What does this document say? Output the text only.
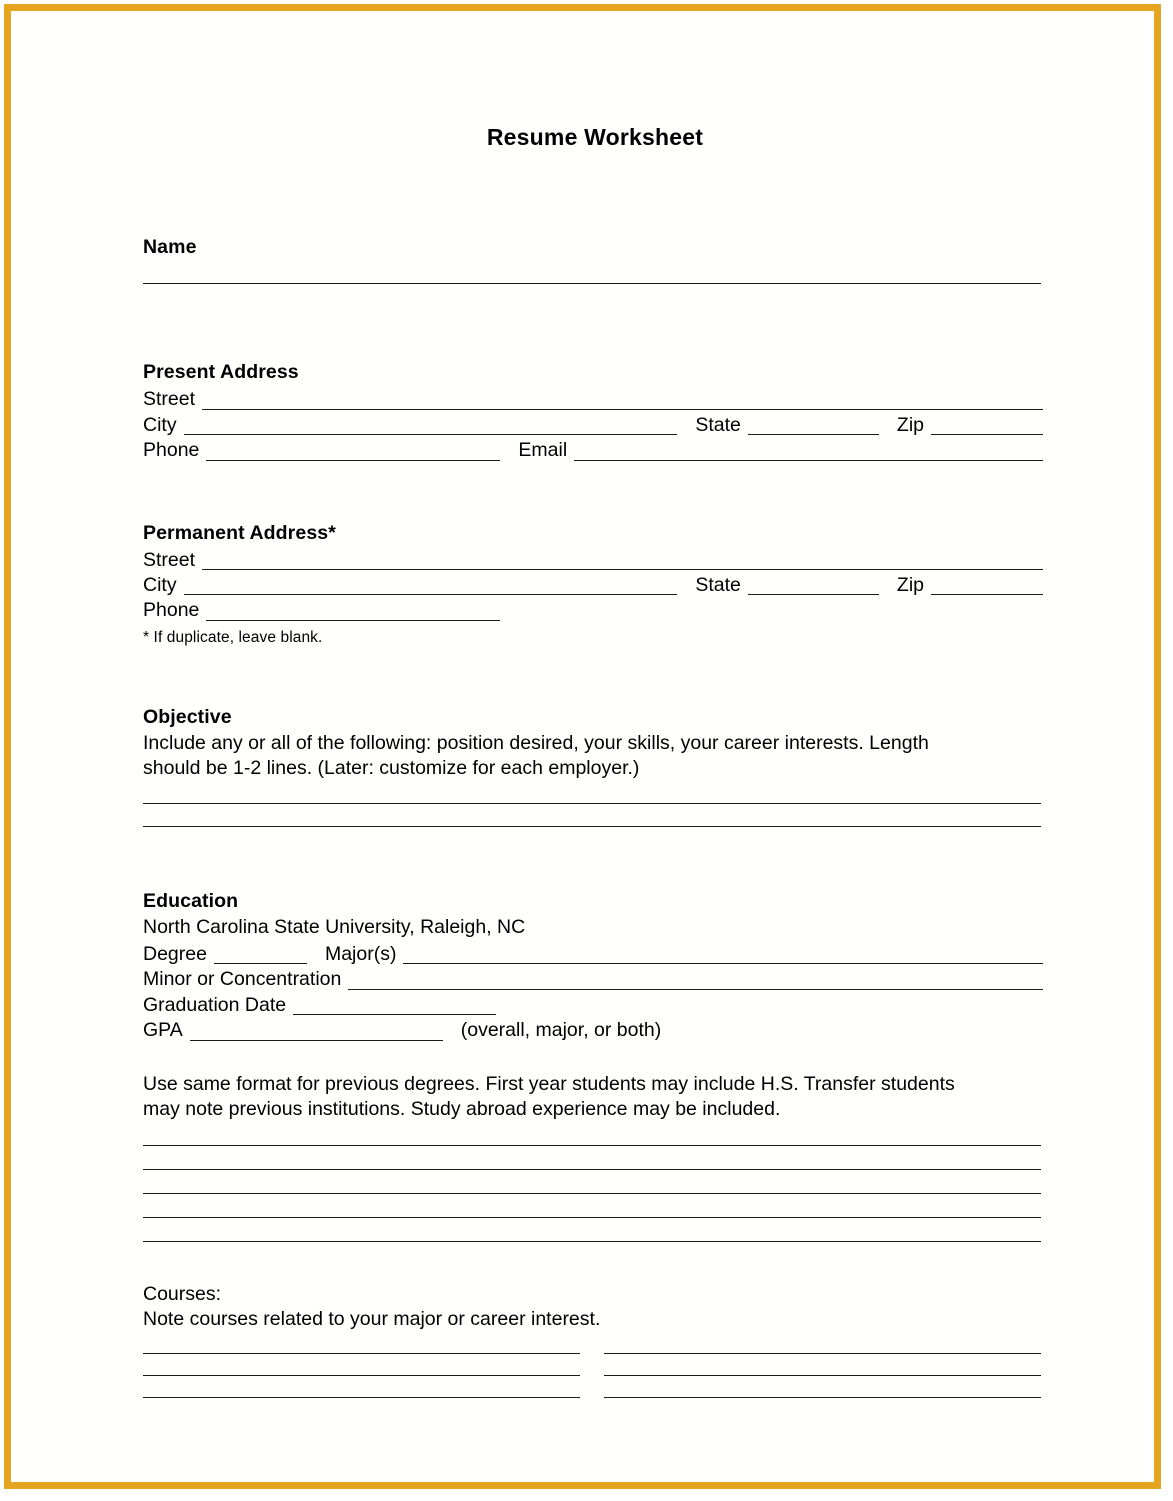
Resume Worksheet
Name
Present Address
Street
City	State	Zip
Phone	Email
Permanent Address*
Street
City	State	Zip
Phone
* If duplicate, leave blank.
Objective
Include any or all of the following: position desired, your skills, your career interests. Length
should be 1-2 lines. (Later: customize for each employer.)
Education
North Carolina State University, Raleigh, NC
Degree	Major(s)
Minor or Concentration
Graduation Date
GPA	(overall, major, or both)
Use same format for previous degrees. First year students may include H.S. Transfer students
may note previous institutions. Study abroad experience may be included.
Courses:
Note courses related to your major or career interest.
